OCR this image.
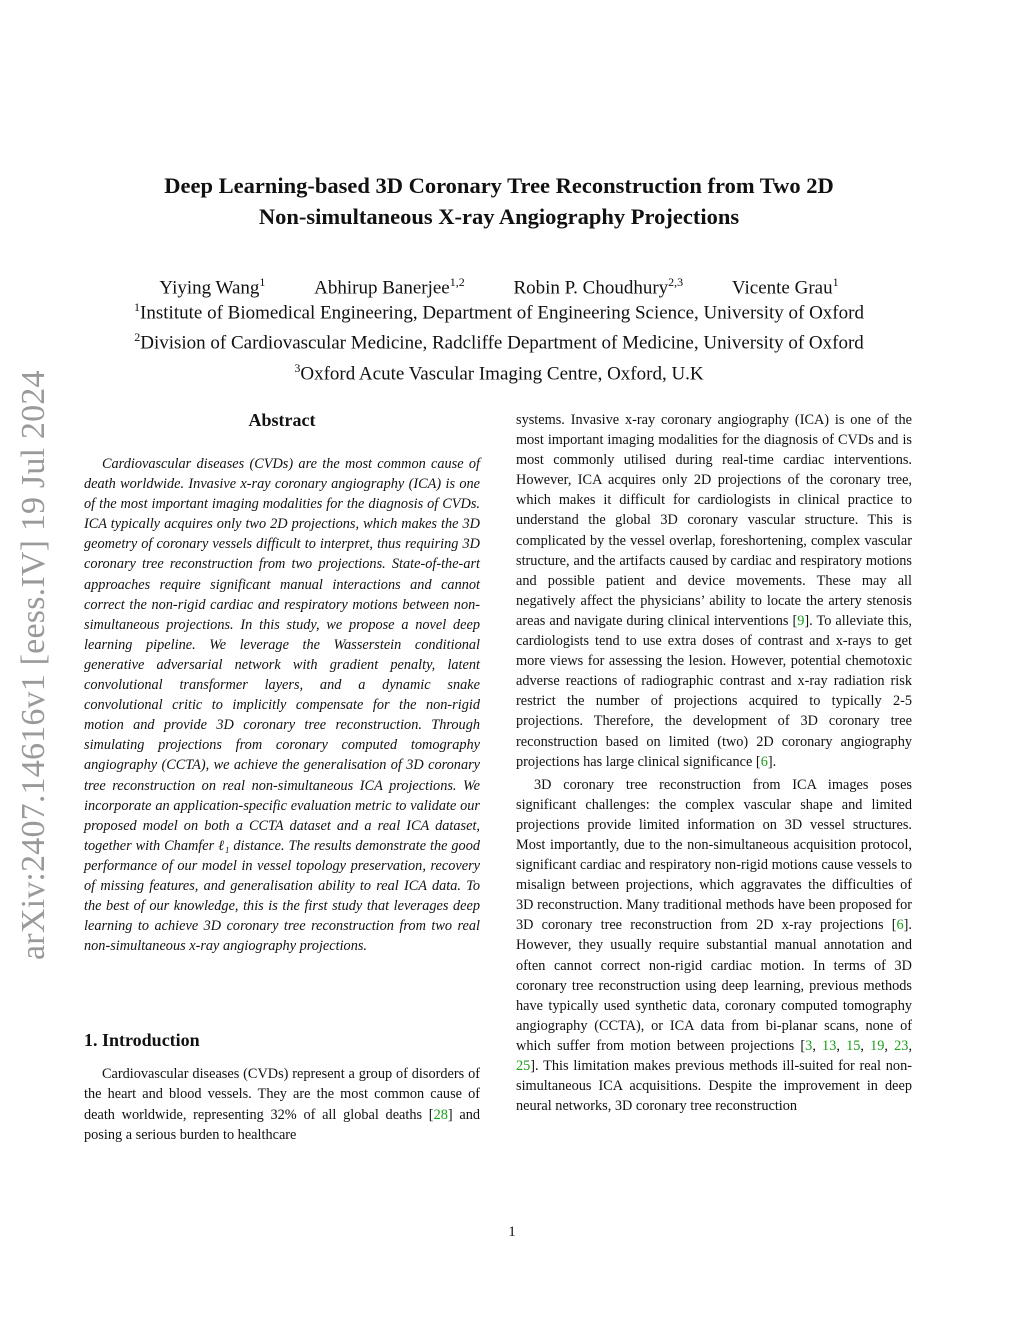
arXiv:2407.14616v1 [eess.IV] 19 Jul 2024
Deep Learning-based 3D Coronary Tree Reconstruction from Two 2D
Non-simultaneous X-ray Angiography Projections
Yiying Wang$^1$	Abhirup Banerjee$^{1,2}$	Robin P. Choudhury$^{2,3}$	Vicente Grau$^1$
$^1$Institute of Biomedical Engineering, Department of Engineering Science, University of Oxford
$^2$Division of Cardiovascular Medicine, Radcliffe Department of Medicine, University of Oxford
$^3$Oxford Acute Vascular Imaging Centre, Oxford, U.K
Abstract

Cardiovascular diseases (CVDs) are the most common cause of death worldwide. Invasive x-ray coronary angiography (ICA) is one of the most important imaging modalities for the diagnosis of CVDs. ICA typically acquires only two 2D projections, which makes the 3D geometry of coronary vessels difficult to interpret, thus requiring 3D coronary tree reconstruction from two projections. State-of-the-art approaches require significant manual interactions and cannot correct the non-rigid cardiac and respiratory motions between non-simultaneous projections. In this study, we propose a novel deep learning pipeline. We leverage the Wasserstein conditional generative adversarial network with gradient penalty, latent convolutional transformer layers, and a dynamic snake convolutional critic to implicitly compensate for the non-rigid motion and provide 3D coronary tree reconstruction. Through simulating projections from coronary computed tomography angiography (CCTA), we achieve the generalisation of 3D coronary tree reconstruction on real non-simultaneous ICA projections. We incorporate an application-specific evaluation metric to validate our proposed model on both a CCTA dataset and a real ICA dataset, together with Chamfer ℓ₁ distance. The results demonstrate the good performance of our model in vessel topology preservation, recovery of missing features, and generalisation ability to real ICA data. To the best of our knowledge, this is the first study that leverages deep learning to achieve 3D coronary tree reconstruction from two real non-simultaneous x-ray angiography projections.

1. Introduction

Cardiovascular diseases (CVDs) represent a group of disorders of the heart and blood vessels. They are the most common cause of death worldwide, representing 32% of all global deaths [28] and posing a serious burden to healthcare

systems. Invasive x-ray coronary angiography (ICA) is one of the most important imaging modalities for the diagnosis of CVDs and is most commonly utilised during real-time cardiac interventions. However, ICA acquires only 2D projections of the coronary tree, which makes it difficult for cardiologists in clinical practice to understand the global 3D coronary vascular structure. This is complicated by the vessel overlap, foreshortening, complex vascular structure, and the artifacts caused by cardiac and respiratory motions and possible patient and device movements. These may all negatively affect the physicians’ ability to locate the artery stenosis areas and navigate during clinical interventions [9]. To alleviate this, cardiologists tend to use extra doses of contrast and x-rays to get more views for assessing the lesion. However, potential chemotoxic adverse reactions of radiographic contrast and x-ray radiation risk restrict the number of projections acquired to typically 2-5 projections. Therefore, the development of 3D coronary tree reconstruction based on limited (two) 2D coronary angiography projections has large clinical significance [6].

3D coronary tree reconstruction from ICA images poses significant challenges: the complex vascular shape and limited projections provide limited information on 3D vessel structures. Most importantly, due to the non-simultaneous acquisition protocol, significant cardiac and respiratory non-rigid motions cause vessels to misalign between projections, which aggravates the difficulties of 3D reconstruction. Many traditional methods have been proposed for 3D coronary tree reconstruction from 2D x-ray projections [6]. However, they usually require substantial manual annotation and often cannot correct non-rigid cardiac motion. In terms of 3D coronary tree reconstruction using deep learning, previous methods have typically used synthetic data, coronary computed tomography angiography (CCTA), or ICA data from bi-planar scans, none of which suffer from motion between projections [3, 13, 15, 19, 23, 25]. This limitation makes previous methods ill-suited for real non-simultaneous ICA acquisitions. Despite the improvement in deep neural networks, 3D coronary tree reconstruction

1
